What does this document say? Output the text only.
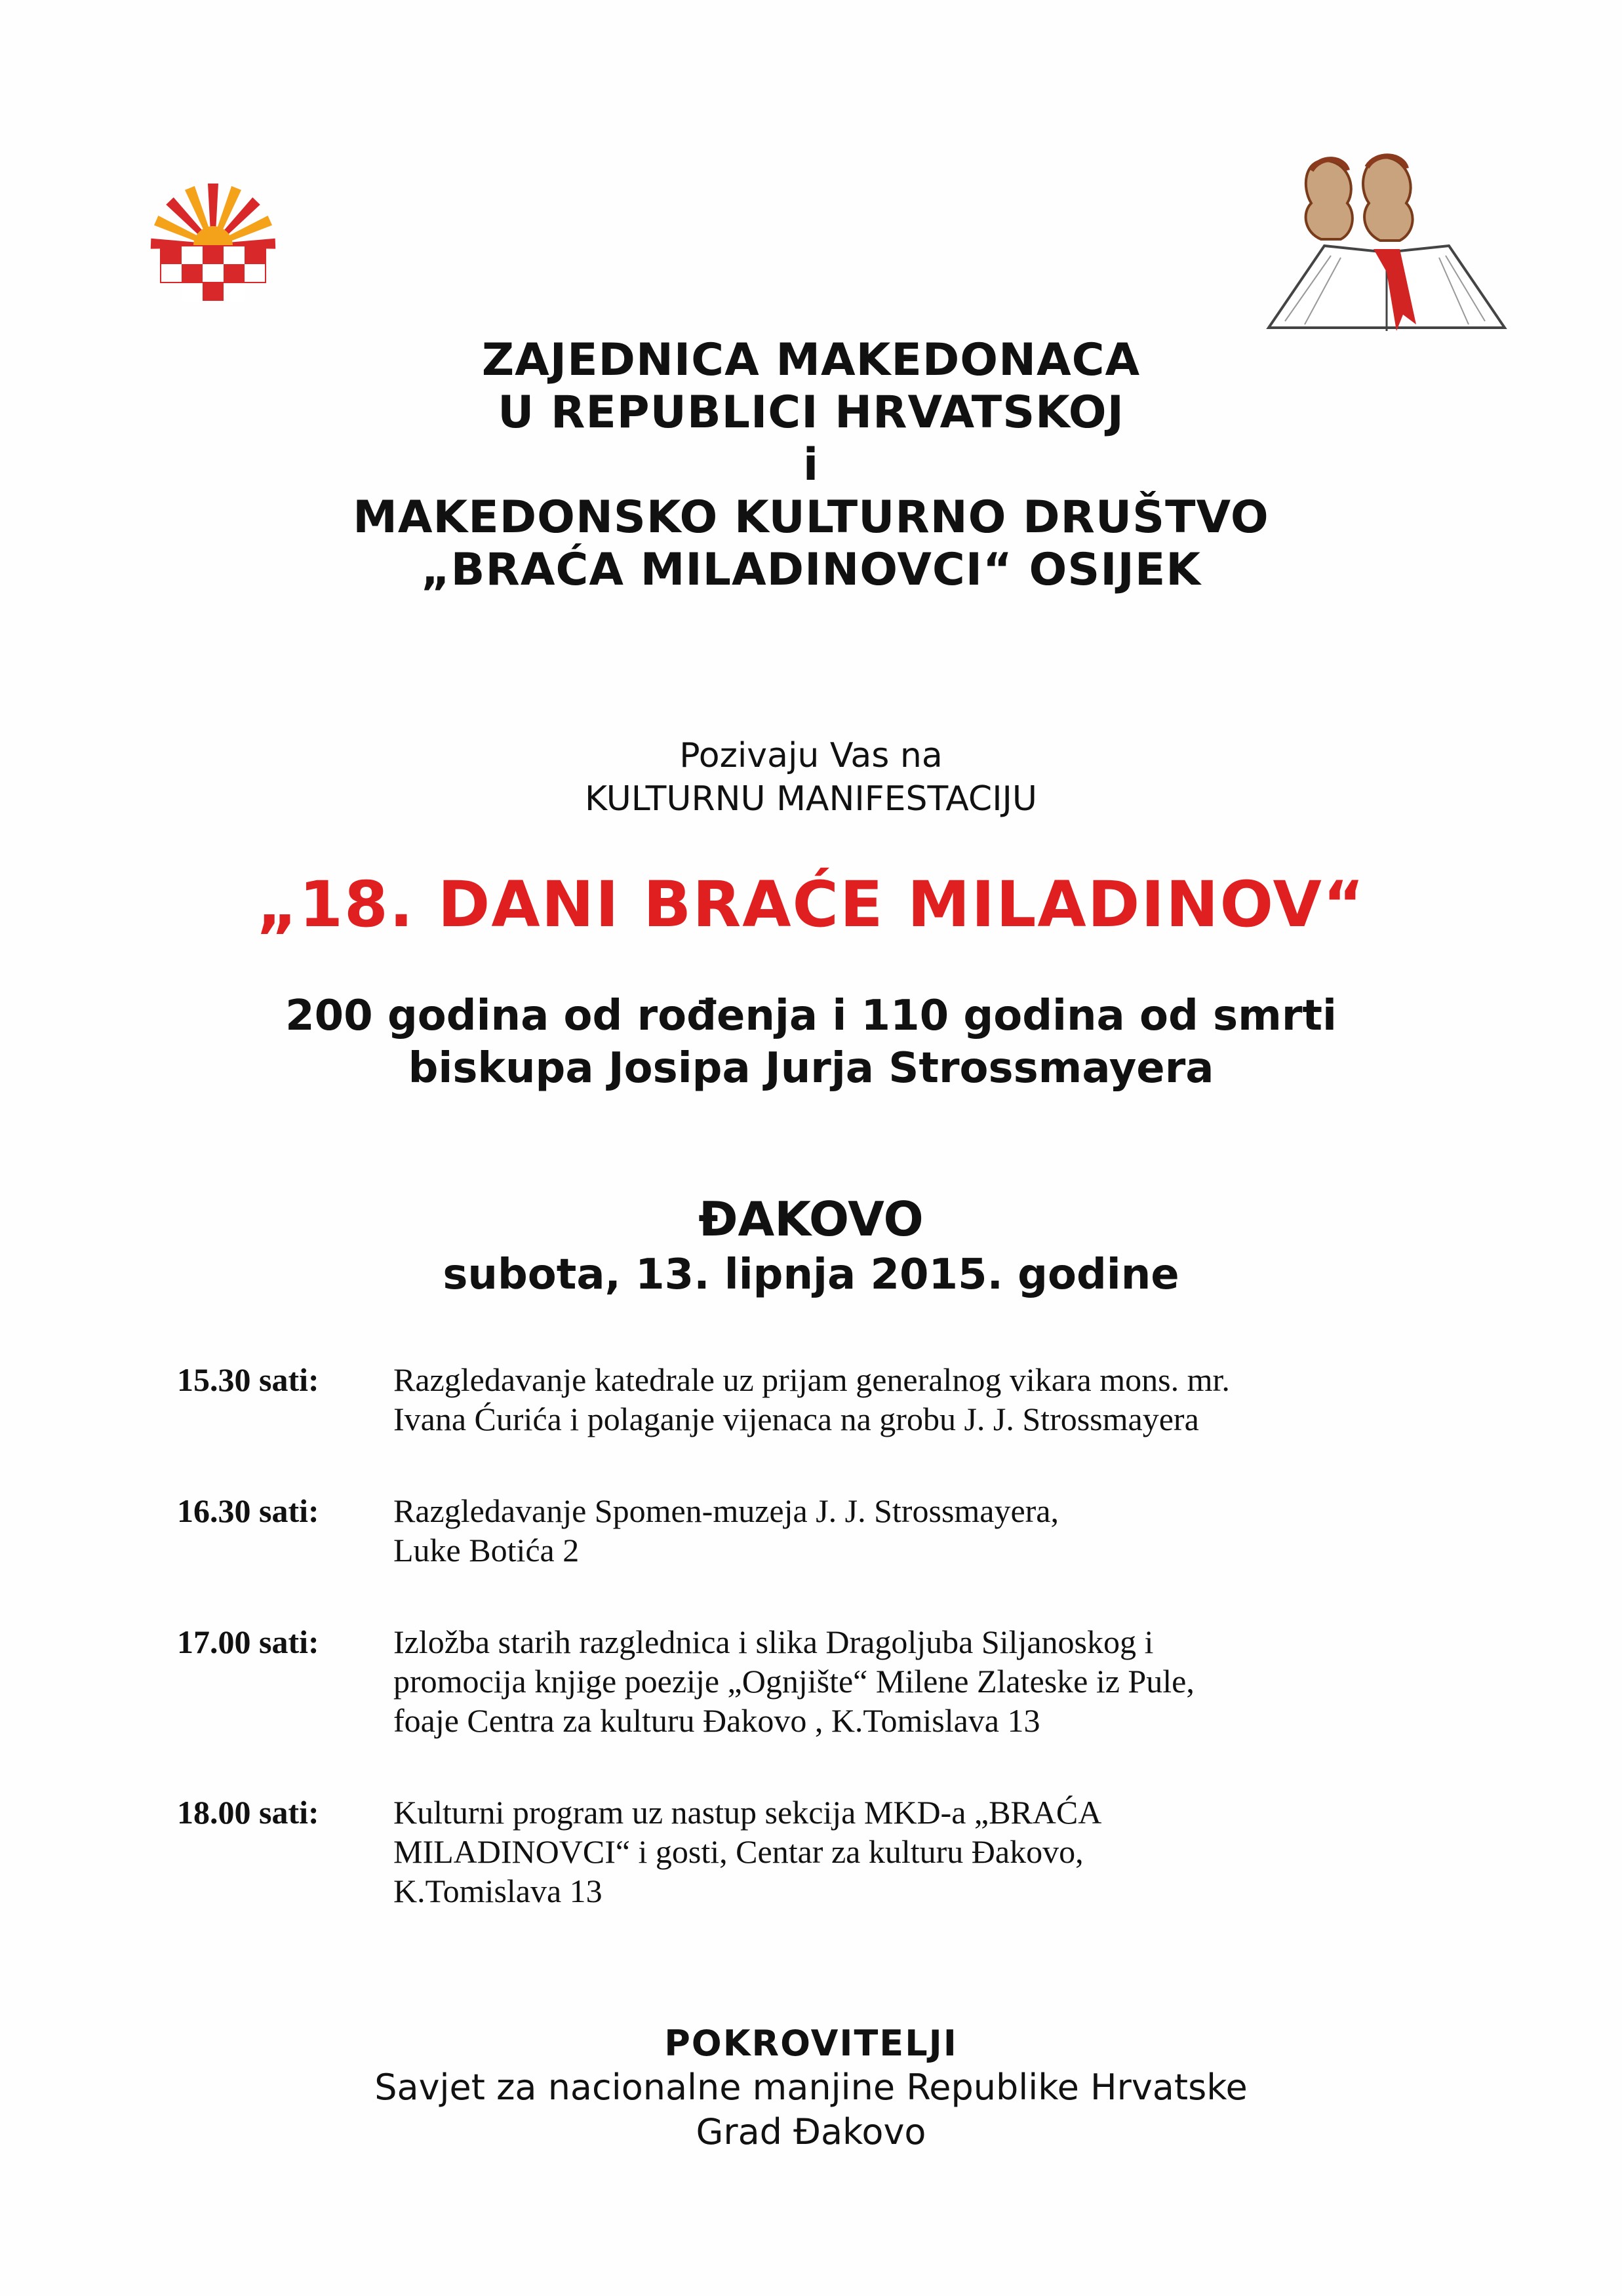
ZAJEDNICA MAKEDONACA
U REPUBLICI HRVATSKOJ
i
MAKEDONSKO KULTURNO DRUŠTVO
„BRAĆA MILADINOVCI“ OSIJEK
Pozivaju Vas na
KULTURNU MANIFESTACIJU
„18. DANI BRAĆE MILADINOV“
200 godina od rođenja i 110 godina od smrti
biskupa Josipa Jurja Strossmayera
ĐAKOVO
subota, 13. lipnja 2015. godine
15.30 sati:	Razgledavanje katedrale uz prijam generalnog vikara mons. mr.
Ivana Ćurića i polaganje vijenaca na grobu J. J. Strossmayera
16.30 sati:	Razgledavanje Spomen-muzeja J. J. Strossmayera,
Luke Botića 2
17.00 sati:	Izložba starih razglednica i slika Dragoljuba Siljanoskog i
promocija knjige poezije „Ognjište“ Milene Zlateske iz Pule,
foaje Centra za kulturu Đakovo , K.Tomislava 13
18.00 sati:	Kulturni program uz nastup sekcija MKD-a „BRAĆA
MILADINOVCI“ i gosti, Centar za kulturu Đakovo,
K.Tomislava 13
POKROVITELJI
Savjet za nacionalne manjine Republike Hrvatske
Grad Đakovo
